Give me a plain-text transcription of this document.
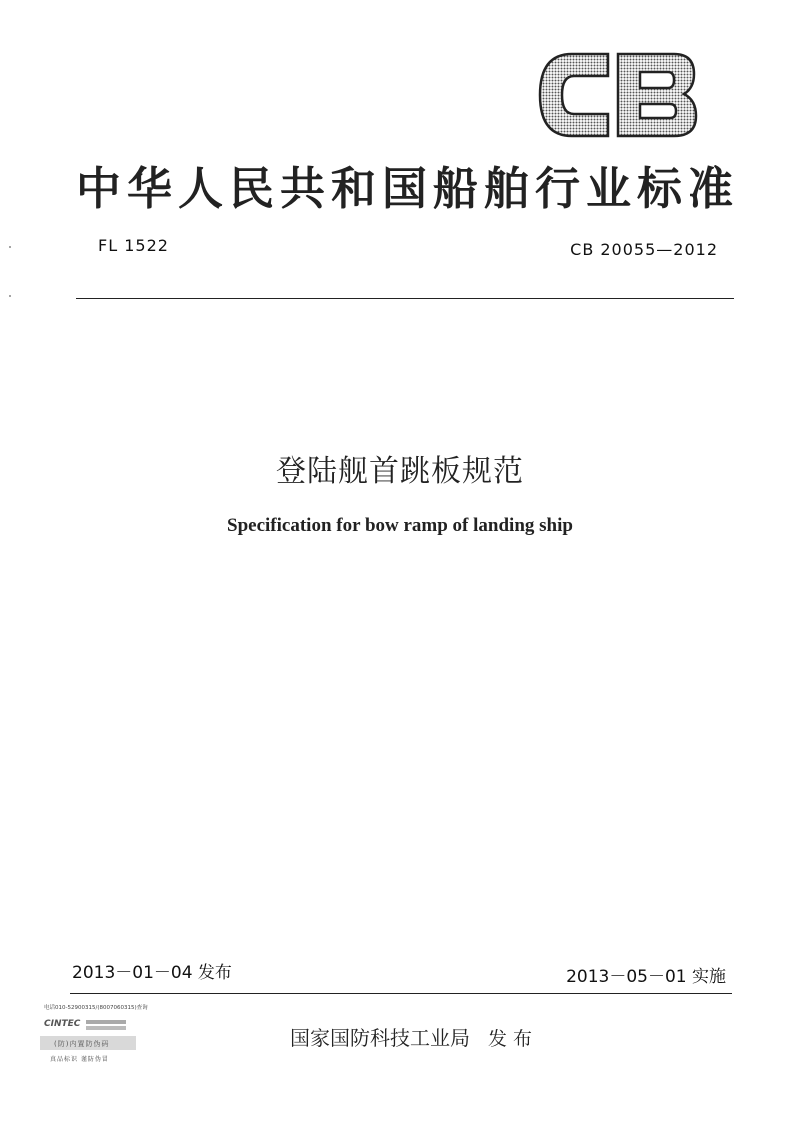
中华人民共和国船舶行业标准
FL 1522	CB 20055—2012
登陆舰首跳板规范
Specification for bow ramp of landing ship
2013－01－04 发布	2013－05－01 实施
国家国防科技工业局 发 布
电话010-52900315/(8007060315)查询
CINTEC
(防)内置防伪码
真品标识 谨防伪冒
